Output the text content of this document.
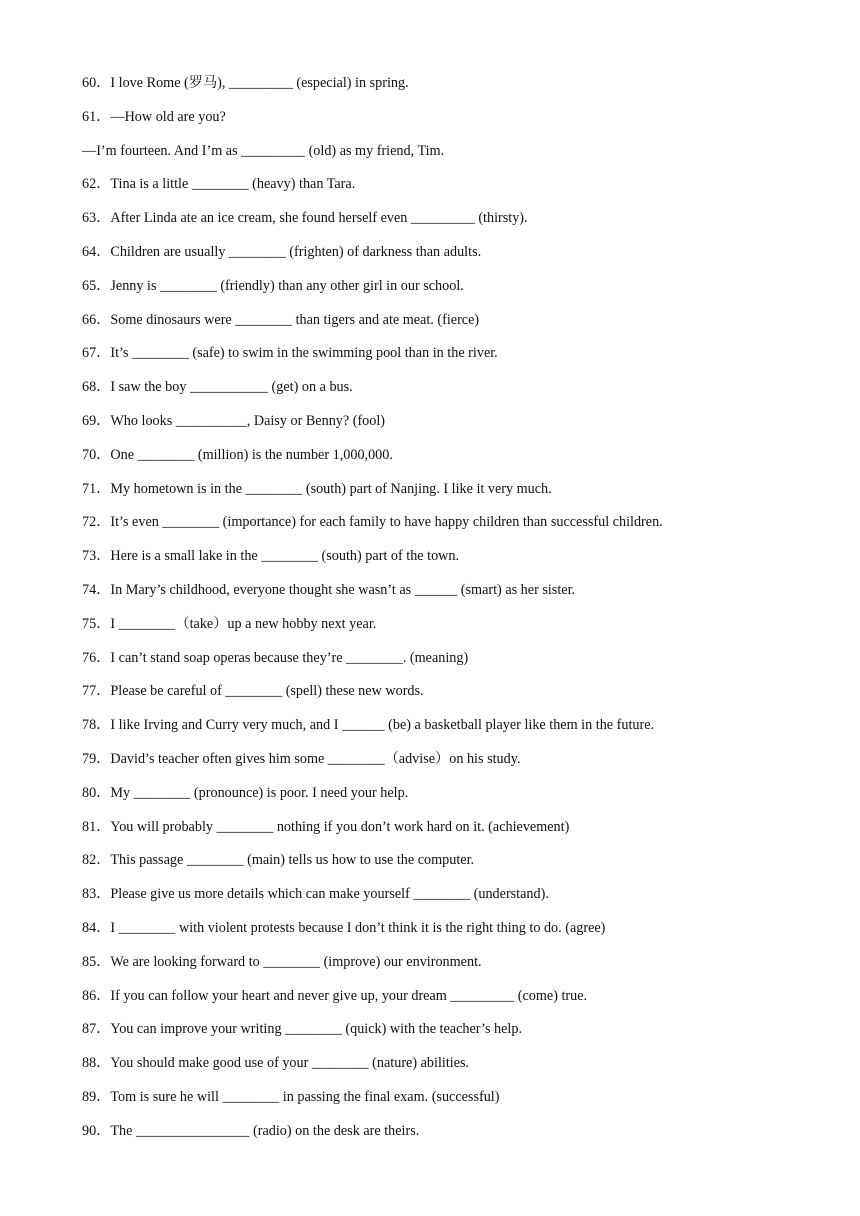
60．I love Rome (罗马), _________ (especial) in spring.
61．—How old are you?
—I’m fourteen. And I’m as _________ (old) as my friend, Tim.
62．Tina is a little ________ (heavy) than Tara.
63．After Linda ate an ice cream, she found herself even _________ (thirsty).
64．Children are usually ________ (frighten) of darkness than adults.
65．Jenny is ________ (friendly) than any other girl in our school.
66．Some dinosaurs were ________ than tigers and ate meat. (fierce)
67．It’s ________ (safe) to swim in the swimming pool than in the river.
68．I saw the boy ___________ (get) on a bus.
69．Who looks __________, Daisy or Benny? (fool)
70．One ________ (million) is the number 1,000,000.
71．My hometown is in the ________ (south) part of Nanjing. I like it very much.
72．It’s even ________ (importance) for each family to have happy children than successful children.
73．Here is a small lake in the ________ (south) part of the town.
74．In Mary’s childhood, everyone thought she wasn’t as ______ (smart) as her sister.
75．I ________（take）up a new hobby next year.
76．I can’t stand soap operas because they’re ________. (meaning)
77．Please be careful of ________ (spell) these new words.
78．I like Irving and Curry very much, and I ______ (be) a basketball player like them in the future.
79．David’s teacher often gives him some ________（advise）on his study.
80．My ________ (pronounce) is poor. I need your help.
81．You will probably ________ nothing if you don’t work hard on it. (achievement)
82．This passage ________ (main) tells us how to use the computer.
83．Please give us more details which can make yourself ________ (understand).
84．I ________ with violent protests because I don’t think it is the right thing to do. (agree)
85．We are looking forward to ________ (improve) our environment.
86．If you can follow your heart and never give up, your dream _________ (come) true.
87．You can improve your writing ________ (quick) with the teacher’s help.
88．You should make good use of your ________ (nature) abilities.
89．Tom is sure he will ________ in passing the final exam. (successful)
90．The ________________ (radio) on the desk are theirs.
